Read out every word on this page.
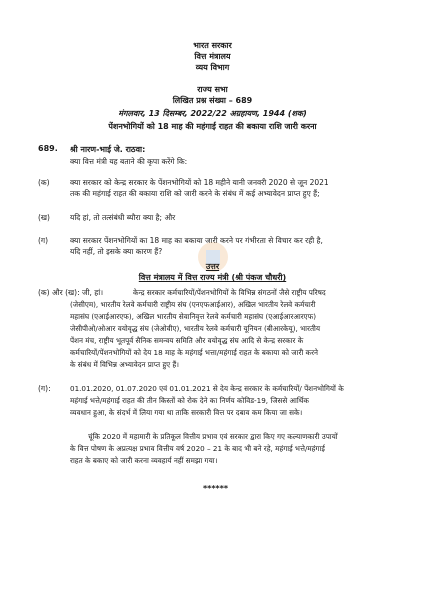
भारत सरकार
वित्त मंत्रालय
व्यय विभाग
राज्य सभा
लिखित प्रश्न संख्या – 689
मंगलवार, 13 दिसम्बर, 2022/22 अग्रहायण, 1944 (शक)
पेंशनभोगियों को 18 माह की महंगाई राहत की बकाया राशि जारी करना
689. श्री नारण-भाई जे. राठवा:
क्या वित्त मंत्री यह बताने की कृपा करेंगे कि:
(क)	क्या सरकार को केन्द्र सरकार के पेंशनभोगियों को 18 महीने यानी जनवरी 2020 से जून 2021
तक की महंगाई राहत की बकाया राशि को जारी करने के संबंध में कई अभ्यावेदन प्राप्त हुए हैं;
(ख)	यदि हां, तो तत्संबंधी ब्यौरा क्या है; और
(ग)	क्या सरकार पेंशनभोगियों का 18 माह का बकाया जारी करने पर गंभीरता से विचार कर रही है,
यदि नहीं, तो इसके क्या कारण हैं?
उत्तर
वित्त मंत्रालय में वित्त राज्य मंत्री (श्री पंकज चौधरी)
(क) और (ख): जी, हां।	केन्द्र सरकार कर्मचारियों/पेंशनभोगियों के विभिन्न संगठनों जैसे राष्ट्रीय परिषद
(जेसीएम), भारतीय रेलवे कर्मचारी राष्ट्रीय संघ (एनएफआईआर), अखिल भारतीय रेलवे कर्मचारी
महासंघ (एआईआरएफ), अखिल भारतीय सेवानिवृत्त रेलवे कर्मचारी महासंघ (एआईआरआरएफ)
जेसीपीओ/ओआर वयोवृद्ध संघ (जेओवीए), भारतीय रेलवे कर्मचारी यूनियन (बीआरकेयू), भारतीय
पेंशन मंच, राष्ट्रीय भूतपूर्व सैनिक समन्वय समिति और वयोवृद्ध संघ आदि से केन्द्र सरकार के
कर्मचारियों/पेंशनभोगियों को देय 18 माह के महंगाई भत्ता/महंगाई राहत के बकाया को जारी करने
के संबंध में विभिन्न अभ्यावेदन प्राप्त हुए हैं।
(ग):	01.01.2020, 01.07.2020 एवं 01.01.2021 से देय केन्द्र सरकार के कर्मचारियों/ पेंशनभोगियों के
महंगाई भत्ते/महंगाई राहत की तीन किस्तों को रोक देने का निर्णय कोविड-19, जिससे आर्थिक
व्यवधान हुआ, के संदर्भ में लिया गया था ताकि सरकारी वित्त पर दबाव कम किया जा सके।
चूंकि 2020 में महामारी के प्रतिकूल वित्तीय प्रभाव एवं सरकार द्वारा किए गए कल्याणकारी उपायों
के वित्त पोषण के अप्रत्यक्ष प्रभाव वित्तीय वर्ष 2020 – 21 के बाद भी बने रहे, महंगाई भत्ते/महंगाई
राहत के बकाए को जारी करना व्यवहार्य नहीं समझा गया।
******
